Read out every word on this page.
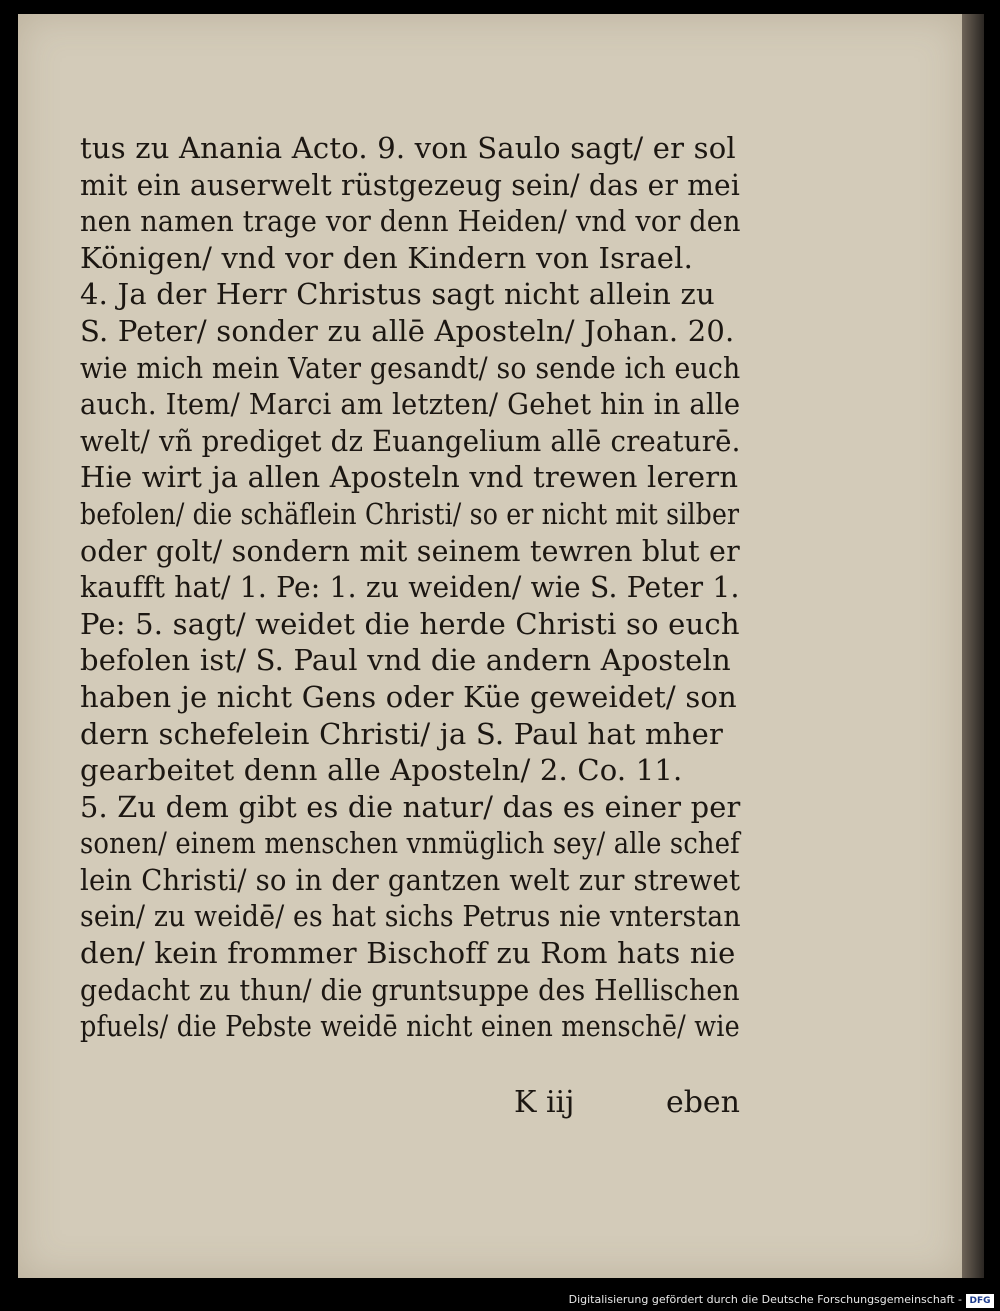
tus zu Anania Acto. 9. von Saulo sagt/ er sol
mit ein auserwelt rüstgezeug sein/ das er mei
nen namen trage vor denn Heiden/ vnd vor den
Königen/ vnd vor den Kindern von Israel.
4. Ja der Herr Christus sagt nicht allein zu
S. Peter/ sonder zu allē Aposteln/ Johan. 20.
wie mich mein Vater gesandt/ so sende ich euch
auch. Item/ Marci am letzten/ Gehet hin in alle
welt/ vñ prediget dz Euangelium allē creaturē.
Hie wirt ja allen Aposteln vnd trewen lerern
befolen/ die schäflein Christi/ so er nicht mit silber
oder golt/ sondern mit seinem tewren blut er
kaufft hat/ 1. Pe: 1. zu weiden/ wie S. Peter 1.
Pe: 5. sagt/ weidet die herde Christi so euch
befolen ist/ S. Paul vnd die andern Aposteln
haben je nicht Gens oder Küe geweidet/ son
dern schefelein Christi/ ja S. Paul hat mher
gearbeitet denn alle Aposteln/ 2. Co. 11.
5. Zu dem gibt es die natur/ das es einer per
sonen/ einem menschen vnmüglich sey/ alle schef
lein Christi/ so in der gantzen welt zur strewet
sein/ zu weidē/ es hat sichs Petrus nie vnterstan
den/ kein frommer Bischoff zu Rom hats nie
gedacht zu thun/ die gruntsuppe des Hellischen
pfuels/ die Pebste weidē nicht einen menschē/ wie
K iij	eben
Digitalisierung gefördert durch die Deutsche Forschungsgemeinschaft - DFG
